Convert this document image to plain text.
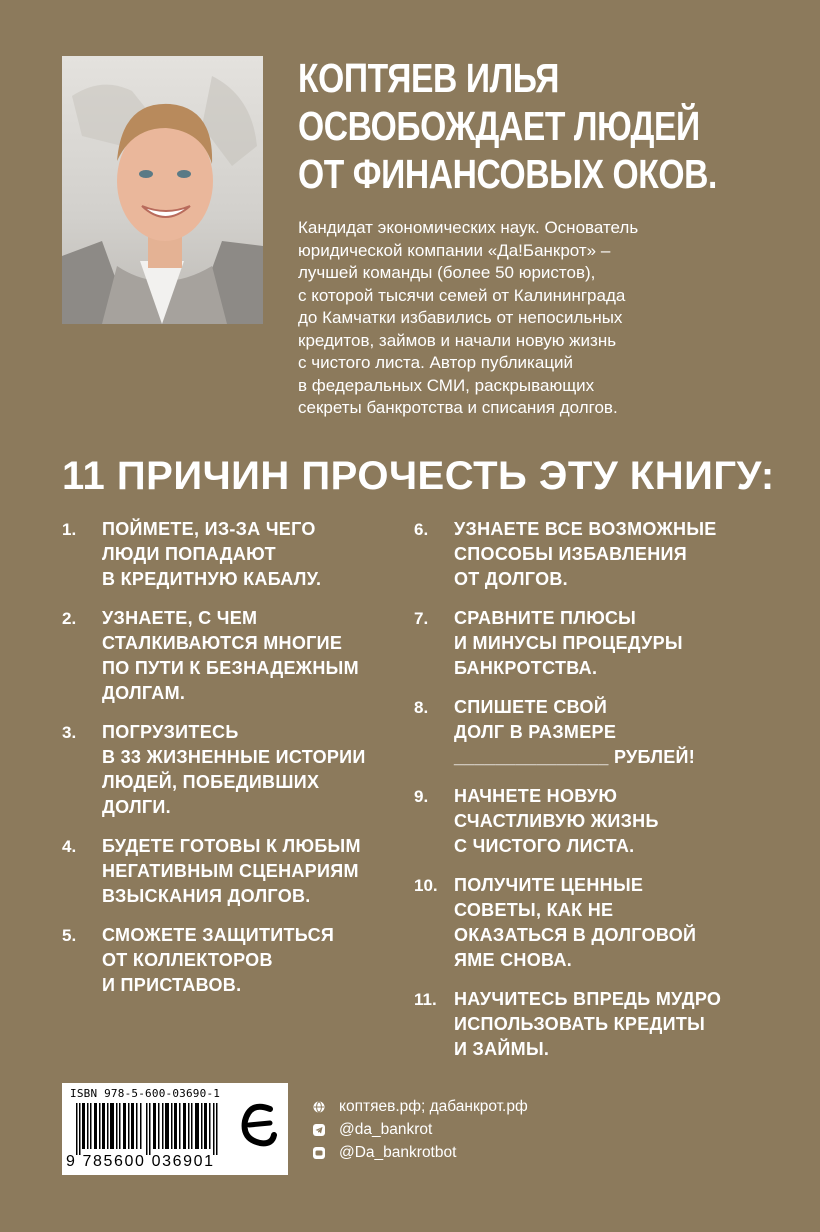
КОПТЯЕВ ИЛЬЯ
ОСВОБОЖДАЕТ ЛЮДЕЙ
ОТ ФИНАНСОВЫХ ОКОВ.
Кандидат экономических наук. Основатель
юридической компании «Да!Банкрот» –
лучшей команды (более 50 юристов),
с которой тысячи семей от Калининграда
до Камчатки избавились от непосильных
кредитов, займов и начали новую жизнь
с чистого листа. Автор публикаций
в федеральных СМИ, раскрывающих
секреты банкротства и списания долгов.
11 ПРИЧИН ПРОЧЕСТЬ ЭТУ КНИГУ:
1. ПОЙМЕТЕ, ИЗ-ЗА ЧЕГО
ЛЮДИ ПОПАДАЮТ
В КРЕДИТНУЮ КАБАЛУ.
2. УЗНАЕТЕ, С ЧЕМ
СТАЛКИВАЮТСЯ МНОГИЕ
ПО ПУТИ К БЕЗНАДЕЖНЫМ
ДОЛГАМ.
3. ПОГРУЗИТЕСЬ
В 33 ЖИЗНЕННЫЕ ИСТОРИИ
ЛЮДЕЙ, ПОБЕДИВШИХ
ДОЛГИ.
4. БУДЕТЕ ГОТОВЫ К ЛЮБЫМ
НЕГАТИВНЫМ СЦЕНАРИЯМ
ВЗЫСКАНИЯ ДОЛГОВ.
5. СМОЖЕТЕ ЗАЩИТИТЬСЯ
ОТ КОЛЛЕКТОРОВ
И ПРИСТАВОВ.
6. УЗНАЕТЕ ВСЕ ВОЗМОЖНЫЕ
СПОСОБЫ ИЗБАВЛЕНИЯ
ОТ ДОЛГОВ.
7. СРАВНИТЕ ПЛЮСЫ
И МИНУСЫ ПРОЦЕДУРЫ
БАНКРОТСТВА.
8. СПИШЕТЕ СВОЙ
ДОЛГ В РАЗМЕРЕ
_______________ РУБЛЕЙ!
9. НАЧНЕТЕ НОВУЮ
СЧАСТЛИВУЮ ЖИЗНЬ
С ЧИСТОГО ЛИСТА.
10. ПОЛУЧИТЕ ЦЕННЫЕ
СОВЕТЫ, КАК НЕ
ОКАЗАТЬСЯ В ДОЛГОВОЙ
ЯМЕ СНОВА.
11. НАУЧИТЕСЬ ВПРЕДЬ МУДРО
ИСПОЛЬЗОВАТЬ КРЕДИТЫ
И ЗАЙМЫ.
ISBN 978-5-600-03690-1
9 785600 036901
коптяев.рф; дабанкрот.рф
@da_bankrot
@Da_bankrotbot
